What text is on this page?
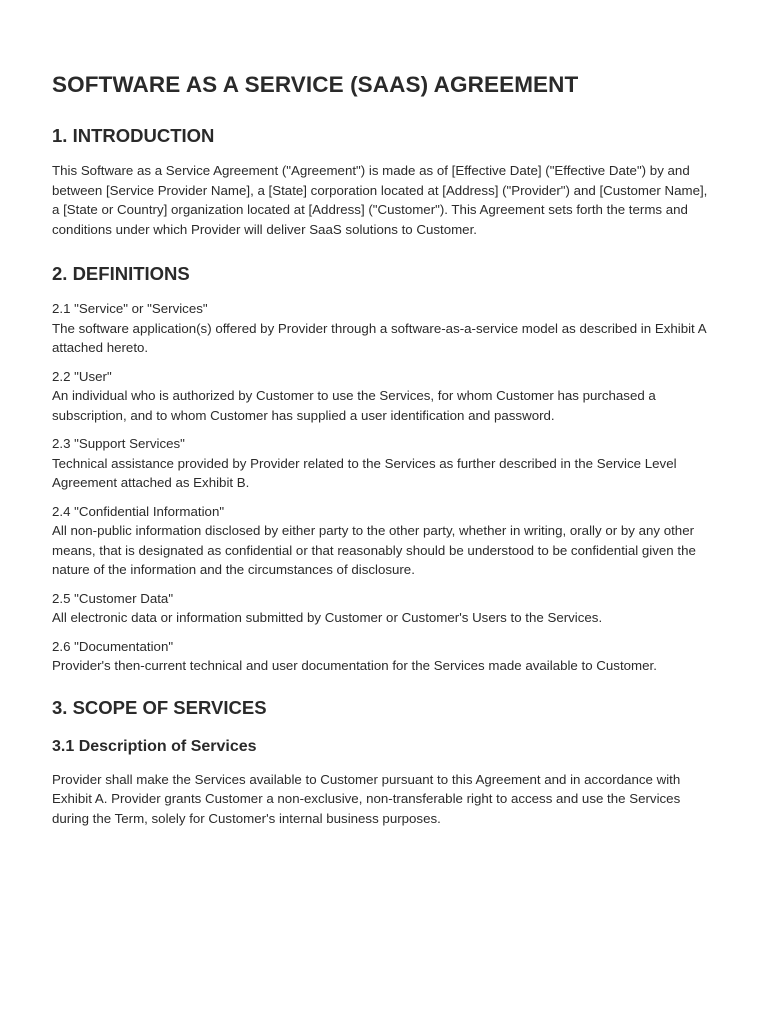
SOFTWARE AS A SERVICE (SAAS) AGREEMENT
1. INTRODUCTION

This Software as a Service Agreement ("Agreement") is made as of [Effective Date] ("Effective Date") by and between [Service Provider Name], a [State] corporation located at [Address] ("Provider") and [Customer Name], a [State or Country] organization located at [Address] ("Customer"). This Agreement sets forth the terms and conditions under which Provider will deliver SaaS solutions to Customer.

2. DEFINITIONS
2.1 "Service" or "Services"
The software application(s) offered by Provider through a software-as-a-service model as described in Exhibit A attached hereto.
2.2 "User"
An individual who is authorized by Customer to use the Services, for whom Customer has purchased a subscription, and to whom Customer has supplied a user identification and password.
2.3 "Support Services"
Technical assistance provided by Provider related to the Services as further described in the Service Level Agreement attached as Exhibit B.
2.4 "Confidential Information"
All non-public information disclosed by either party to the other party, whether in writing, orally or by any other means, that is designated as confidential or that reasonably should be understood to be confidential given the nature of the information and the circumstances of disclosure.
2.5 "Customer Data"
All electronic data or information submitted by Customer or Customer's Users to the Services.
2.6 "Documentation"
Provider's then-current technical and user documentation for the Services made available to Customer.
3. SCOPE OF SERVICES
3.1 Description of Services

Provider shall make the Services available to Customer pursuant to this Agreement and in accordance with Exhibit A. Provider grants Customer a non-exclusive, non-transferable right to access and use the Services during the Term, solely for Customer's internal business purposes.
